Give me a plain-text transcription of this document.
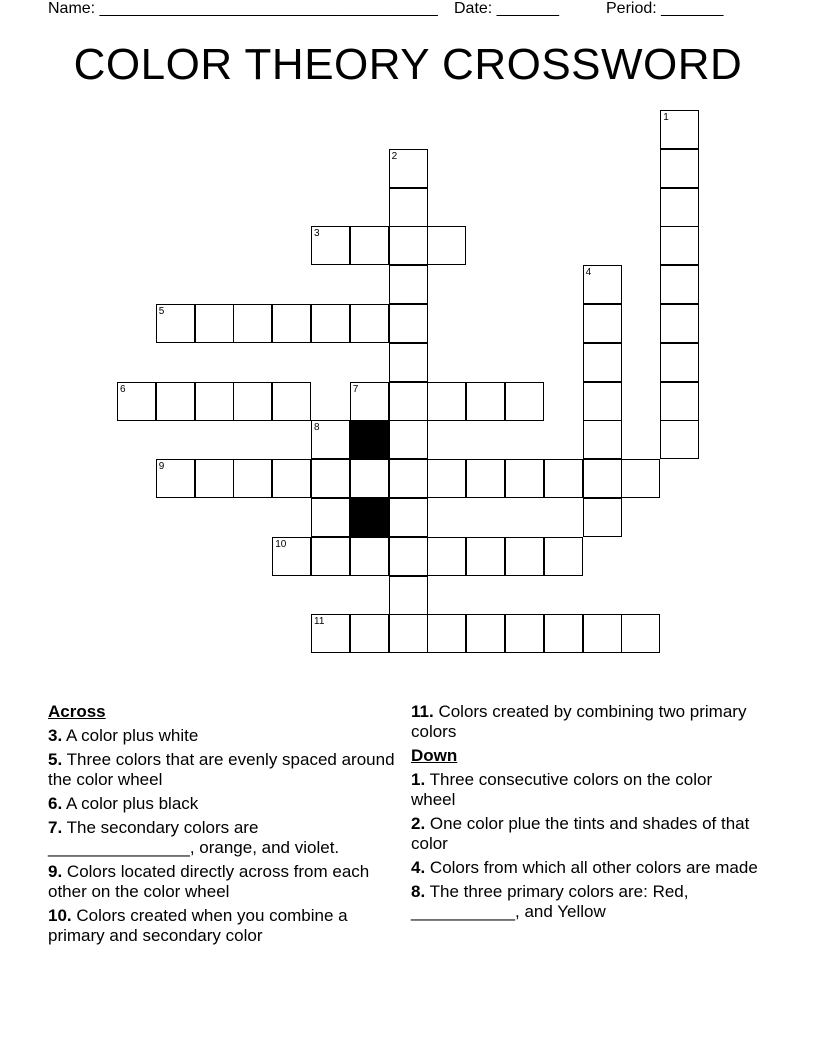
Name: ______________________________________ Date: _______	Period: _______
COLOR THEORY CROSSWORD
1
2
3
4
5
6	7
8
9
10
11
Across
3. A color plus white
5. Three colors that are evenly spaced around the color wheel
6. A color plus black
7. The secondary colors are _______________, orange, and violet.
9. Colors located directly across from each other on the color wheel
10. Colors created when you combine a primary and secondary color
11. Colors created by combining two primary colors
Down
1. Three consecutive colors on the color wheel
2. One color plue the tints and shades of that color
4. Colors from which all other colors are made
8. The three primary colors are: Red, ___________, and Yellow
